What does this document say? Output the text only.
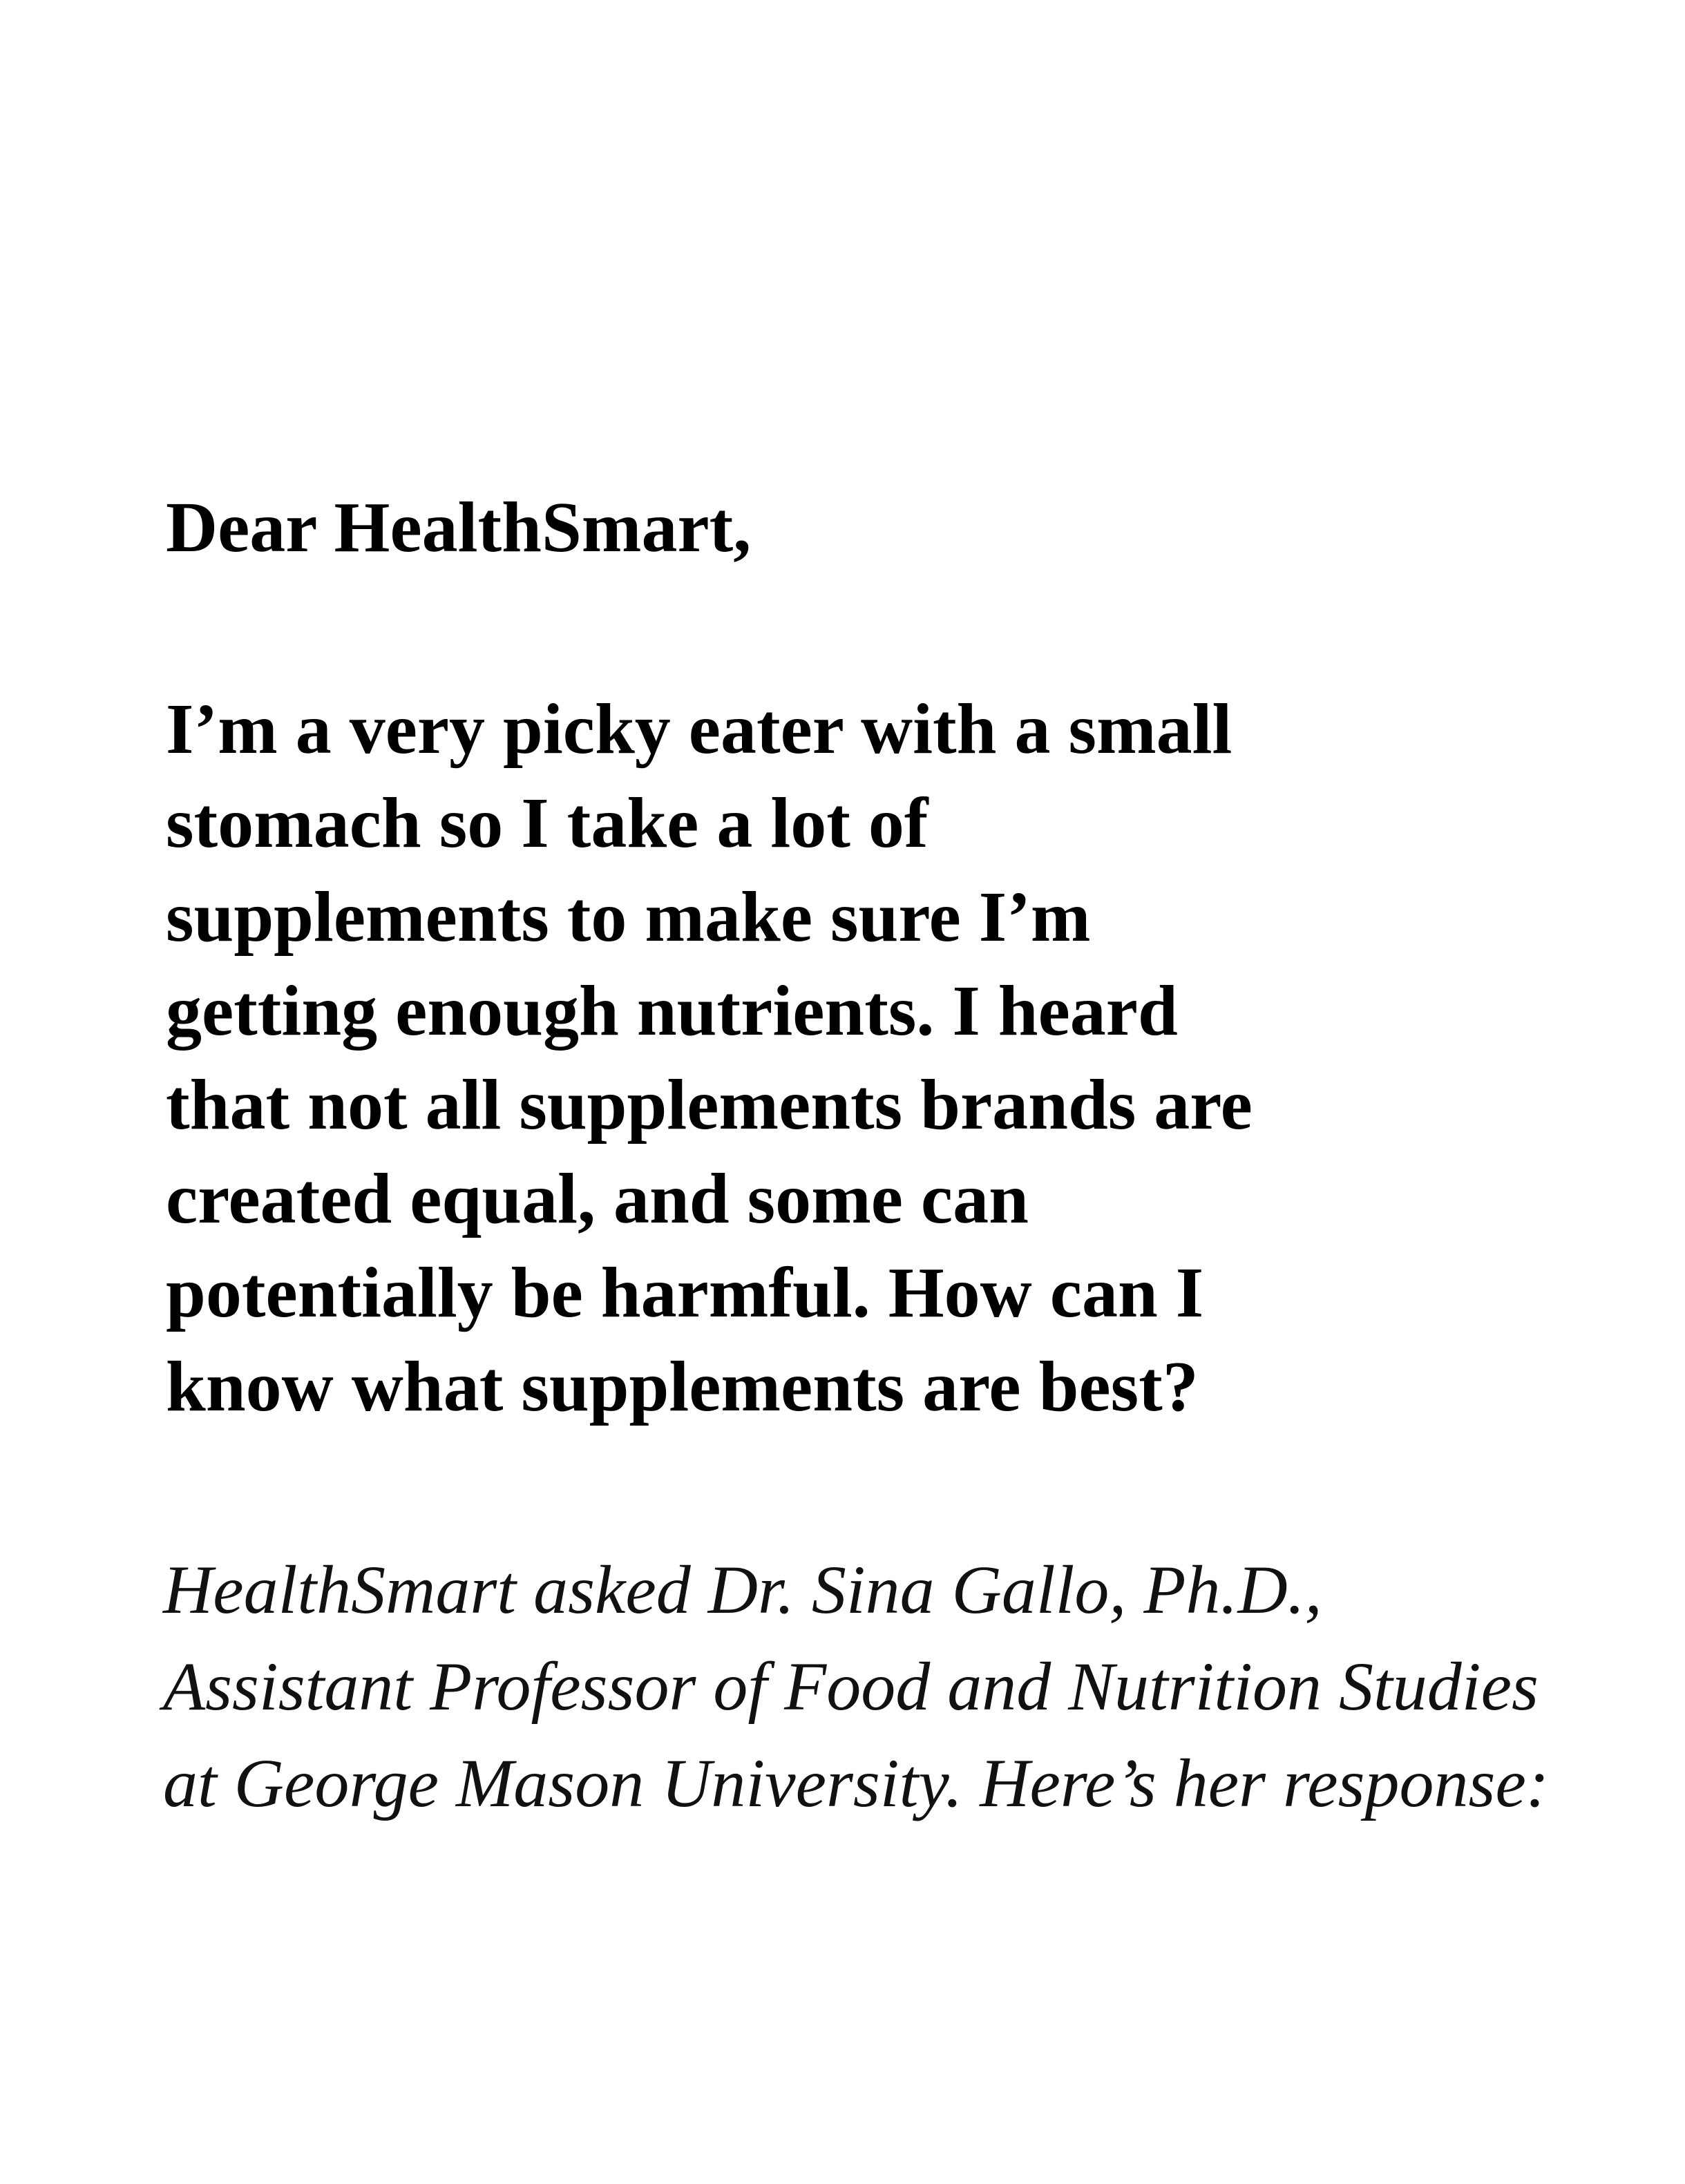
Dear HealthSmart,

I’m a very picky eater with a small
stomach so I take a lot of
supplements to make sure I’m
getting enough nutrients. I heard
that not all supplements brands are
created equal, and some can
potentially be harmful. How can I
know what supplements are best?

HealthSmart asked Dr. Sina Gallo, Ph.D.,
Assistant Professor of Food and Nutrition Studies
at George Mason University. Here’s her response:
